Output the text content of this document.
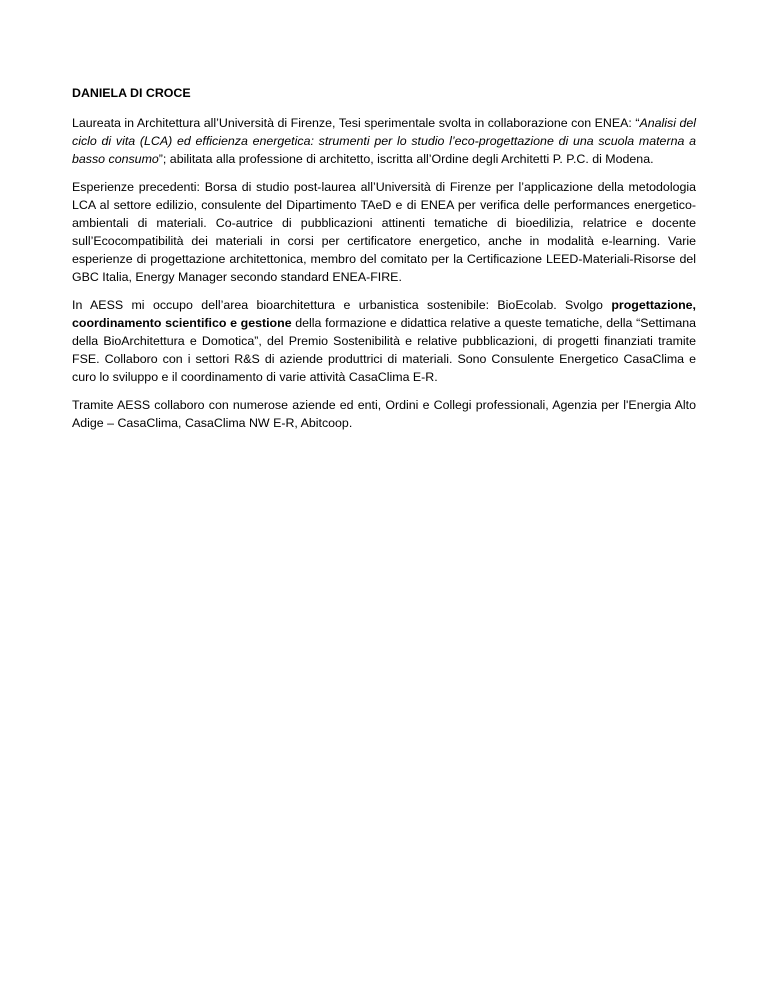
DANIELA DI CROCE

Laureata in Architettura all’Università di Firenze, Tesi sperimentale svolta in collaborazione con ENEA: “Analisi del ciclo di vita (LCA) ed efficienza energetica: strumenti per lo studio l’eco-progettazione di una scuola materna a basso consumo”; abilitata alla professione di architetto, iscritta all’Ordine degli Architetti P. P.C. di Modena.

Esperienze precedenti: Borsa di studio post-laurea all’Università di Firenze per l’applicazione della metodologia LCA al settore edilizio, consulente del Dipartimento TAeD e di ENEA per verifica delle performances energetico-ambientali di materiali. Co-autrice di pubblicazioni attinenti tematiche di bioedilizia, relatrice e docente sull’Ecocompatibilità dei materiali in corsi per certificatore energetico, anche in modalità e-learning. Varie esperienze di progettazione architettonica, membro del comitato per la Certificazione LEED-Materiali-Risorse del GBC Italia, Energy Manager secondo standard ENEA-FIRE.

In AESS mi occupo dell’area bioarchitettura e urbanistica sostenibile: BioEcolab. Svolgo progettazione, coordinamento scientifico e gestione della formazione e didattica relative a queste tematiche, della “Settimana della BioArchitettura e Domotica”, del Premio Sostenibilità e relative pubblicazioni, di progetti finanziati tramite FSE. Collaboro con i settori R&S di aziende produttrici di materiali. Sono Consulente Energetico CasaClima e curo lo sviluppo e il coordinamento di varie attività CasaClima E-R.

Tramite AESS collaboro con numerose aziende ed enti, Ordini e Collegi professionali, Agenzia per l'Energia Alto Adige – CasaClima, CasaClima NW E-R, Abitcoop.
